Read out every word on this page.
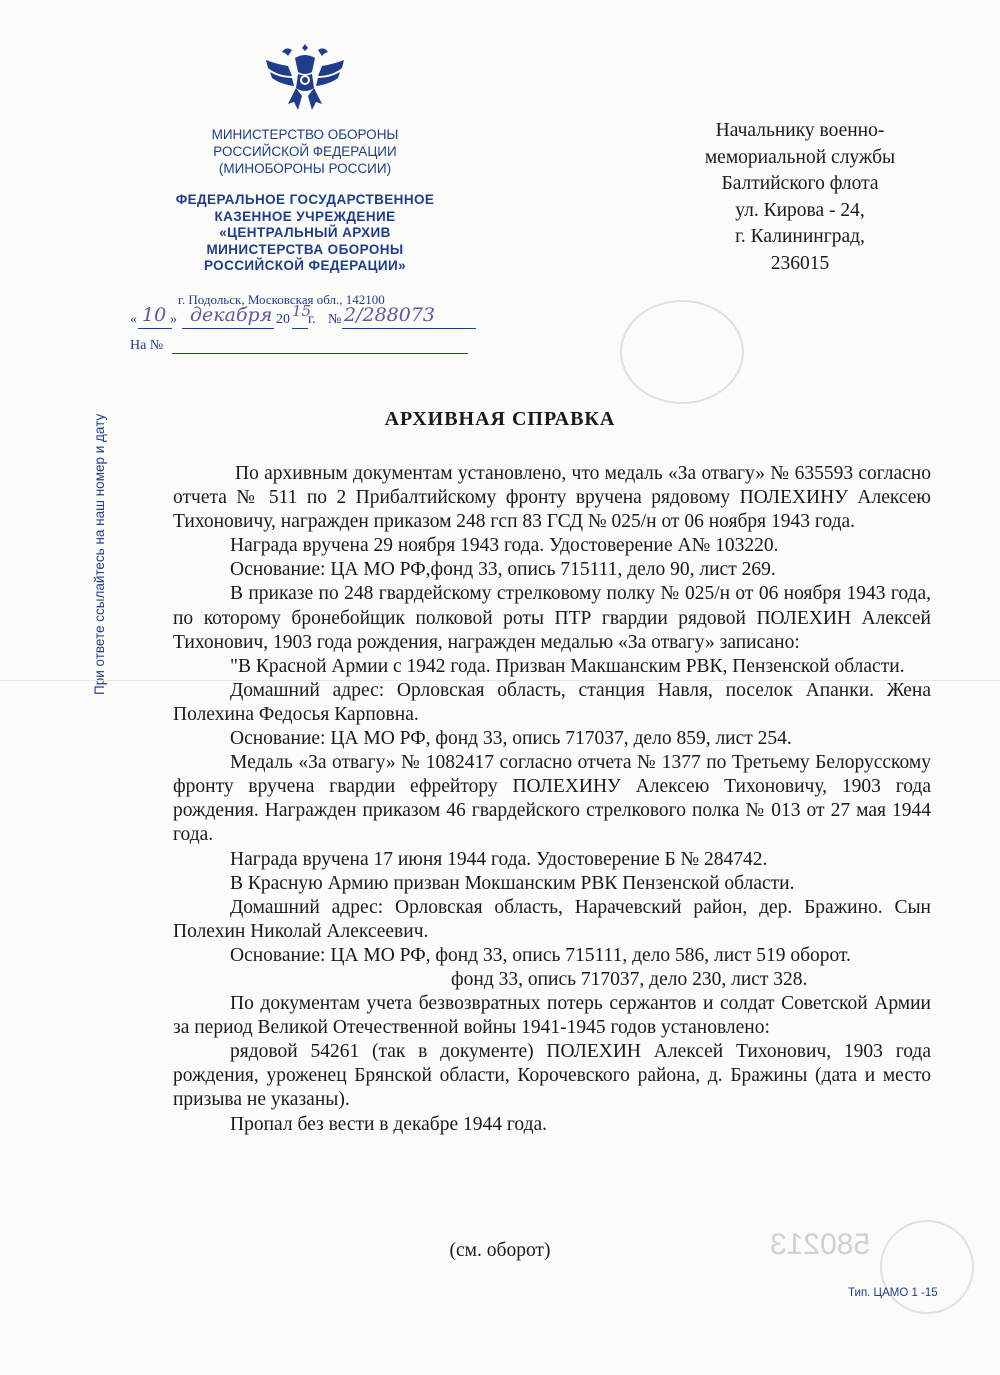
МИНИСТЕРСТВО ОБОРОНЫ
РОССИЙСКОЙ ФЕДЕРАЦИИ
(МИНОБОРОНЫ РОССИИ)
ФЕДЕРАЛЬНОЕ ГОСУДАРСТВЕННОЕ
КАЗЕННОЕ УЧРЕЖДЕНИЕ
«ЦЕНТРАЛЬНЫЙ АРХИВ
МИНИСТЕРСТВА ОБОРОНЫ
РОССИЙСКОЙ ФЕДЕРАЦИИ»
г. Подольск, Московская обл., 142100
« 10 » декабря 20 15
г. № 2/288073
На №
При ответе ссылайтесь на наш номер и дату
580213
Начальнику военно-
мемориальной службы
Балтийского флота
ул. Кирова - 24,
г. Калининград,
236015
АРХИВНАЯ СПРАВКА

По архивным документам установлено, что медаль «За отвагу» № 635593 согласно отчета № 511 по 2 Прибалтийскому фронту вручена рядовому ПОЛЕХИНУ Алексею Тихоновичу, награжден приказом 248 гсп 83 ГСД № 025/н от 06 ноября 1943 года.

Награда вручена 29 ноября 1943 года. Удостоверение А№ 103220.

Основание: ЦА МО РФ,фонд 33, опись 715111, дело 90, лист 269.

В приказе по 248 гвардейскому стрелковому полку № 025/н от 06 ноября 1943 года, по которому бронебойщик полковой роты ПТР гвардии рядовой ПОЛЕХИН Алексей Тихонович, 1903 года рождения, награжден медалью «За отвагу» записано:

"В Красной Армии с 1942 года. Призван Макшанским РВК, Пензенской области.

Домашний адрес: Орловская область, станция Навля, поселок Апанки. Жена Полехина Федосья Карповна.

Основание: ЦА МО РФ, фонд 33, опись 717037, дело 859, лист 254.

Медаль «За отвагу» № 1082417 согласно отчета № 1377 по Третьему Белорусскому фронту вручена гвардии ефрейтору ПОЛЕХИНУ Алексею Тихоновичу, 1903 года рождения. Награжден приказом 46 гвардейского стрелкового полка № 013 от 27 мая 1944 года.

Награда вручена 17 июня 1944 года. Удостоверение Б № 284742.

В Красную Армию призван Мокшанским РВК Пензенской области.

Домашний адрес: Орловская область, Нарачевский район, дер. Бражино. Сын Полехин Николай Алексеевич.

Основание: ЦА МО РФ, фонд 33, опись 715111, дело 586, лист 519 оборот.

фонд 33, опись 717037, дело 230, лист 328.

По документам учета безвозвратных потерь сержантов и солдат Советской Армии за период Великой Отечественной войны 1941-1945 годов установлено:

рядовой 54261 (так в документе) ПОЛЕХИН Алексей Тихонович, 1903 года рождения, уроженец Брянской области, Корочевского района, д. Бражины (дата и место призыва не указаны).

Пропал без вести в декабре 1944 года.

(см. оборот)
Тип. ЦАМО 1 -15
